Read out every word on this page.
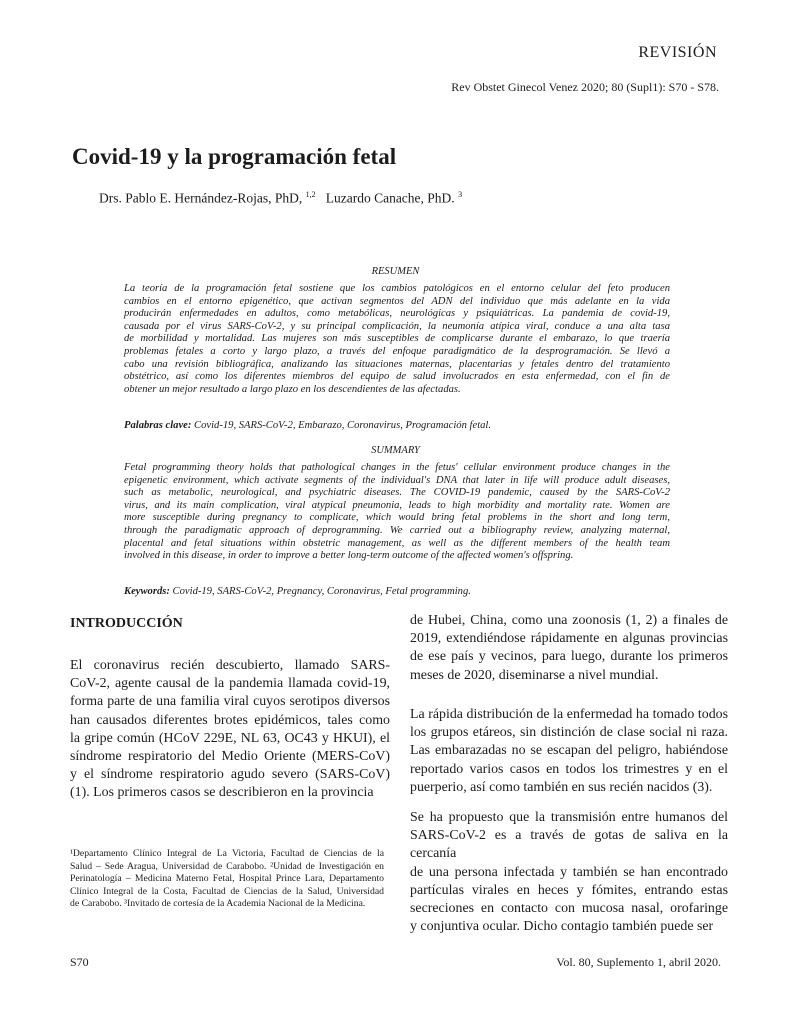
REVISIÓN
Rev Obstet Ginecol Venez 2020; 80 (Supl1): S70 - S78.
Covid-19 y la programación fetal
Drs. Pablo E. Hernández-Rojas, PhD, $^{1,2}$ Luzardo Canache, PhD. $^3$
RESUMEN
La teoría de la programación fetal sostiene que los cambios patológicos en el entorno celular del feto producen
cambios en el entorno epigenético, que activan segmentos del ADN del individuo que más adelante en la vida
producirán enfermedades en adultos, como metabólicas, neurológicas y psiquiátricas. La pandemia de covid-19,
causada por el virus SARS-CoV-2, y su principal complicación, la neumonía atípica viral, conduce a una alta tasa
de morbilidad y mortalidad. Las mujeres son más susceptibles de complicarse durante el embarazo, lo que traería
problemas fetales a corto y largo plazo, a través del enfoque paradigmático de la desprogramación. Se llevó a
cabo una revisión bibliográfica, analizando las situaciones maternas, placentarias y fetales dentro del tratamiento
obstétrico, así como los diferentes miembros del equipo de salud involucrados en esta enfermedad, con el fin de
obtener un mejor resultado a largo plazo en los descendientes de las afectadas.
Palabras clave: Covid-19, SARS-CoV-2, Embarazo, Coronavirus, Programación fetal.
SUMMARY
Fetal programming theory holds that pathological changes in the fetus' cellular environment produce changes in the
epigenetic environment, which activate segments of the individual's DNA that later in life will produce adult diseases,
such as metabolic, neurological, and psychiatric diseases. The COVID-19 pandemic, caused by the SARS-CoV-2
virus, and its main complication, viral atypical pneumonia, leads to high morbidity and mortality rate. Women are
more susceptible during pregnancy to complicate, which would bring fetal problems in the short and long term,
through the paradigmatic approach of deprogramming. We carried out a bibliography review, analyzing maternal,
placental and fetal situations within obstetric management, as well as the different members of the health team
involved in this disease, in order to improve a better long-term outcome of the affected women's offspring.
Keywords: Covid-19, SARS-CoV-2, Pregnancy, Coronavirus, Fetal programming.
INTRODUCCIÓN
El coronavirus recién descubierto, llamado SARS-
CoV-2, agente causal de la pandemia llamada covid-19,
forma parte de una familia viral cuyos serotipos diversos
han causados diferentes brotes epidémicos, tales como
la gripe común (HCoV 229E, NL 63, OC43 y HKUI), el
síndrome respiratorio del Medio Oriente (MERS-CoV)
y el síndrome respiratorio agudo severo (SARS-CoV)
(1). Los primeros casos se describieron en la provincia
de Hubei, China, como una zoonosis (1, 2) a finales de
2019, extendiéndose rápidamente en algunas provincias
de ese país y vecinos, para luego, durante los primeros
meses de 2020, diseminarse a nivel mundial.
La rápida distribución de la enfermedad ha tomado todos
los grupos etáreos, sin distinción de clase social ni raza.
Las embarazadas no se escapan del peligro, habiéndose
reportado varios casos en todos los trimestres y en el
puerperio, así como también en sus recién nacidos (3).
Se ha propuesto que la transmisión entre humanos del
SARS-CoV-2 es a través de gotas de saliva en la cercanía
de una persona infectada y también se han encontrado
partículas virales en heces y fómites, entrando estas
secreciones en contacto con mucosa nasal, orofaringe
y conjuntiva ocular. Dicho contagio también puede ser
¹Departamento Clínico Integral de La Victoria, Facultad de Ciencias de la
Salud – Sede Aragua, Universidad de Carabobo. ²Unidad de Investigación en
Perinatología – Medicina Materno Fetal, Hospital Prince Lara, Departamento
Clínico Integral de la Costa, Facultad de Ciencias de la Salud, Universidad
de Carabobo. ³Invitado de cortesía de la Academia Nacional de la Medicina.
S70	Vol. 80, Suplemento 1, abril 2020.
